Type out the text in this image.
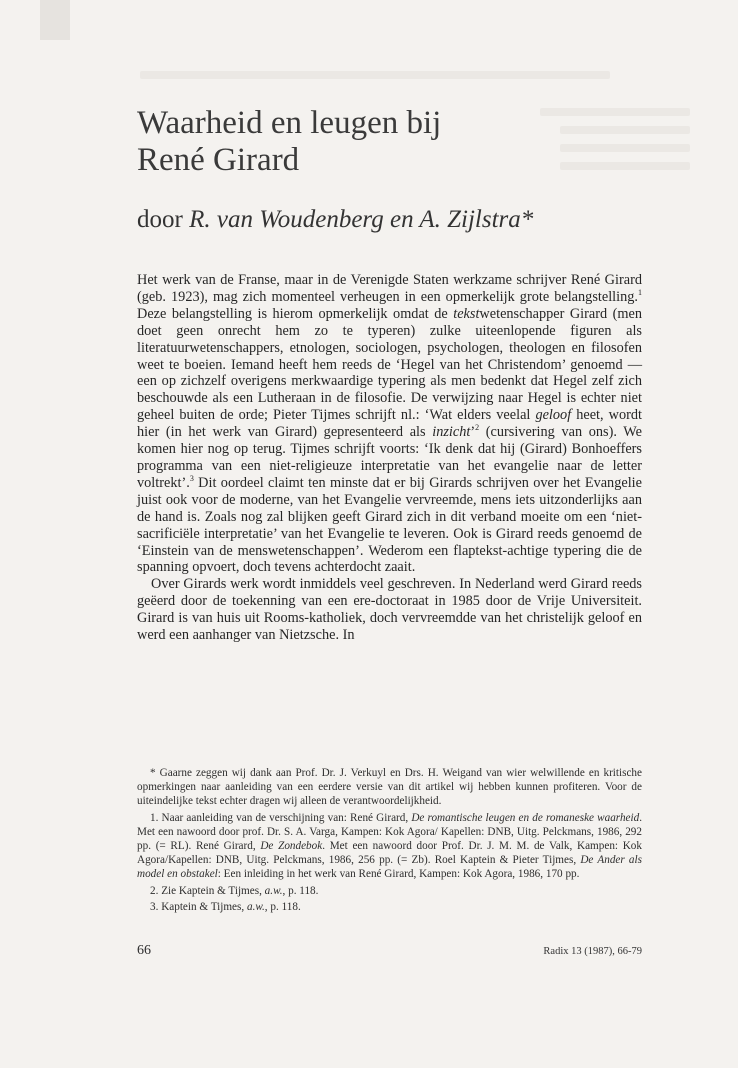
Waarheid en leugen bij
René Girard
door R. van Woudenberg en A. Zijlstra*

Het werk van de Franse, maar in de Verenigde Staten werkzame schrijver René Girard (geb. 1923), mag zich momenteel verheugen in een opmerkelijk grote belangstelling.$^1$ Deze belangstelling is hierom opmerkelijk omdat de tekstwetenschapper Girard (men doet geen onrecht hem zo te typeren) zulke uiteenlopende figuren als literatuurwetenschappers, etnologen, sociologen, psychologen, theologen en filosofen weet te boeien. Iemand heeft hem reeds de ‘Hegel van het Christendom’ genoemd — een op zichzelf overigens merkwaardige typering als men bedenkt dat Hegel zelf zich beschouwde als een Lutheraan in de filosofie. De verwijzing naar Hegel is echter niet geheel buiten de orde; Pieter Tijmes schrijft nl.: ‘Wat elders veelal geloof heet, wordt hier (in het werk van Girard) gepresenteerd als inzicht’$^2$ (cursivering van ons). We komen hier nog op terug. Tijmes schrijft voorts: ‘Ik denk dat hij (Girard) Bonhoeffers programma van een niet-religieuze interpretatie van het evangelie naar de letter voltrekt’.$^3$ Dit oordeel claimt ten minste dat er bij Girards schrijven over het Evangelie juist ook voor de moderne, van het Evangelie vervreemde, mens iets uitzonderlijks aan de hand is. Zoals nog zal blijken geeft Girard zich in dit verband moeite om een ‘niet-sacrificiële interpretatie’ van het Evangelie te leveren. Ook is Girard reeds genoemd de ‘Einstein van de menswetenschappen’. Wederom een flaptekst-achtige typering die de spanning opvoert, doch tevens achterdocht zaait.

Over Girards werk wordt inmiddels veel geschreven. In Nederland werd Girard reeds geëerd door de toekenning van een ere-doctoraat in 1985 door de Vrije Universiteit. Girard is van huis uit Rooms-katholiek, doch vervreemdde van het christelijk geloof en werd een aanhanger van Nietzsche. In

* Gaarne zeggen wij dank aan Prof. Dr. J. Verkuyl en Drs. H. Weigand van wier welwillende en kritische opmerkingen naar aanleiding van een eerdere versie van dit artikel wij hebben kunnen profiteren. Voor de uiteindelijke tekst echter dragen wij alleen de verantwoordelijkheid.

1. Naar aanleiding van de verschijning van: René Girard, De romantische leugen en de romaneske waarheid. Met een nawoord door prof. Dr. S. A. Varga, Kampen: Kok Agora/ Kapellen: DNB, Uitg. Pelckmans, 1986, 292 pp. (= RL). René Girard, De Zondebok. Met een nawoord door Prof. Dr. J. M. M. de Valk, Kampen: Kok Agora/Kapellen: DNB, Uitg. Pelckmans, 1986, 256 pp. (= Zb). Roel Kaptein & Pieter Tijmes, De Ander als model en obstakel: Een inleiding in het werk van René Girard, Kampen: Kok Agora, 1986, 170 pp.

2. Zie Kaptein & Tijmes, a.w., p. 118.

3. Kaptein & Tijmes, a.w., p. 118.

66	Radix 13 (1987), 66-79
